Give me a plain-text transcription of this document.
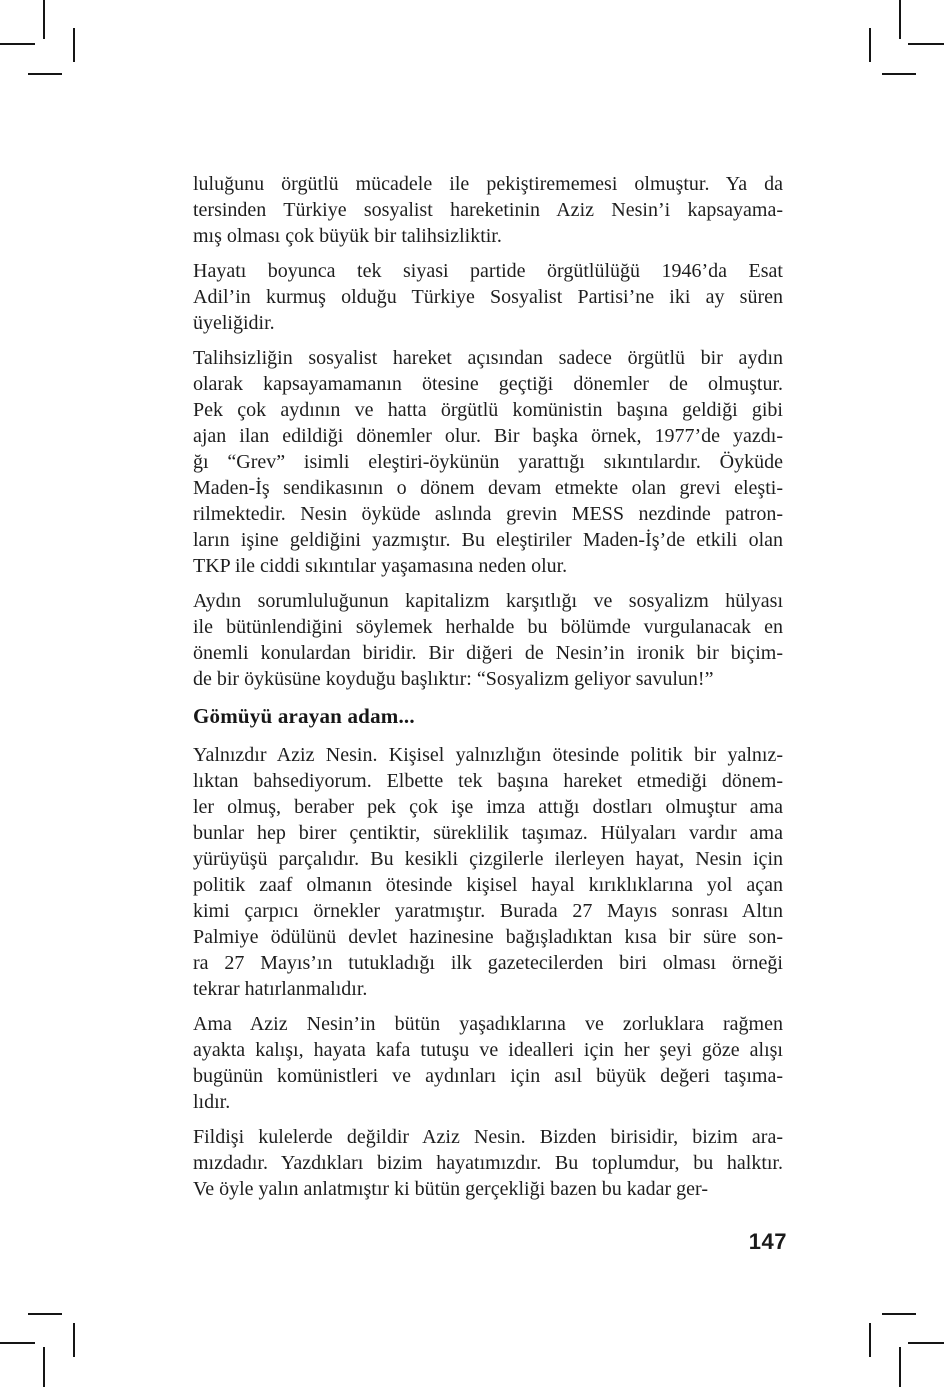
luluğunu örgütlü mücadele ile pekiştirememesi olmuştur. Ya da
tersinden Türkiye sosyalist hareketinin Aziz Nesin’i kapsayama-
mış olması çok büyük bir talihsizliktir.
Hayatı boyunca tek siyasi partide örgütlülüğü 1946’da Esat
Adil’in kurmuş olduğu Türkiye Sosyalist Partisi’ne iki ay süren
üyeliğidir.
Talihsizliğin sosyalist hareket açısından sadece örgütlü bir aydın
olarak kapsayamamanın ötesine geçtiği dönemler de olmuştur.
Pek çok aydının ve hatta örgütlü komünistin başına geldiği gibi
ajan ilan edildiği dönemler olur. Bir başka örnek, 1977’de yazdı-
ğı “Grev” isimli eleştiri-öykünün yarattığı sıkıntılardır. Öyküde
Maden-İş sendikasının o dönem devam etmekte olan grevi eleşti-
rilmektedir. Nesin öyküde aslında grevin MESS nezdinde patron-
ların işine geldiğini yazmıştır. Bu eleştiriler Maden-İş’de etkili olan
TKP ile ciddi sıkıntılar yaşamasına neden olur.
Aydın sorumluluğunun kapitalizm karşıtlığı ve sosyalizm hülyası
ile bütünlendiğini söylemek herhalde bu bölümde vurgulanacak en
önemli konulardan biridir. Bir diğeri de Nesin’in ironik bir biçim-
de bir öyküsüne koyduğu başlıktır: “Sosyalizm geliyor savulun!”
Gömüyü arayan adam...
Yalnızdır Aziz Nesin. Kişisel yalnızlığın ötesinde politik bir yalnız-
lıktan bahsediyorum. Elbette tek başına hareket etmediği dönem-
ler olmuş, beraber pek çok işe imza attığı dostları olmuştur ama
bunlar hep birer çentiktir, süreklilik taşımaz. Hülyaları vardır ama
yürüyüşü parçalıdır. Bu kesikli çizgilerle ilerleyen hayat, Nesin için
politik zaaf olmanın ötesinde kişisel hayal kırıklıklarına yol açan
kimi çarpıcı örnekler yaratmıştır. Burada 27 Mayıs sonrası Altın
Palmiye ödülünü devlet hazinesine bağışladıktan kısa bir süre son-
ra 27 Mayıs’ın tutukladığı ilk gazetecilerden biri olması örneği
tekrar hatırlanmalıdır.
Ama Aziz Nesin’in bütün yaşadıklarına ve zorluklara rağmen
ayakta kalışı, hayata kafa tutuşu ve idealleri için her şeyi göze alışı
bugünün komünistleri ve aydınları için asıl büyük değeri taşıma-
lıdır.
Fildişi kulelerde değildir Aziz Nesin. Bizden birisidir, bizim ara-
mızdadır. Yazdıkları bizim hayatımızdır. Bu toplumdur, bu halktır.
Ve öyle yalın anlatmıştır ki bütün gerçekliği bazen bu kadar ger-
147
